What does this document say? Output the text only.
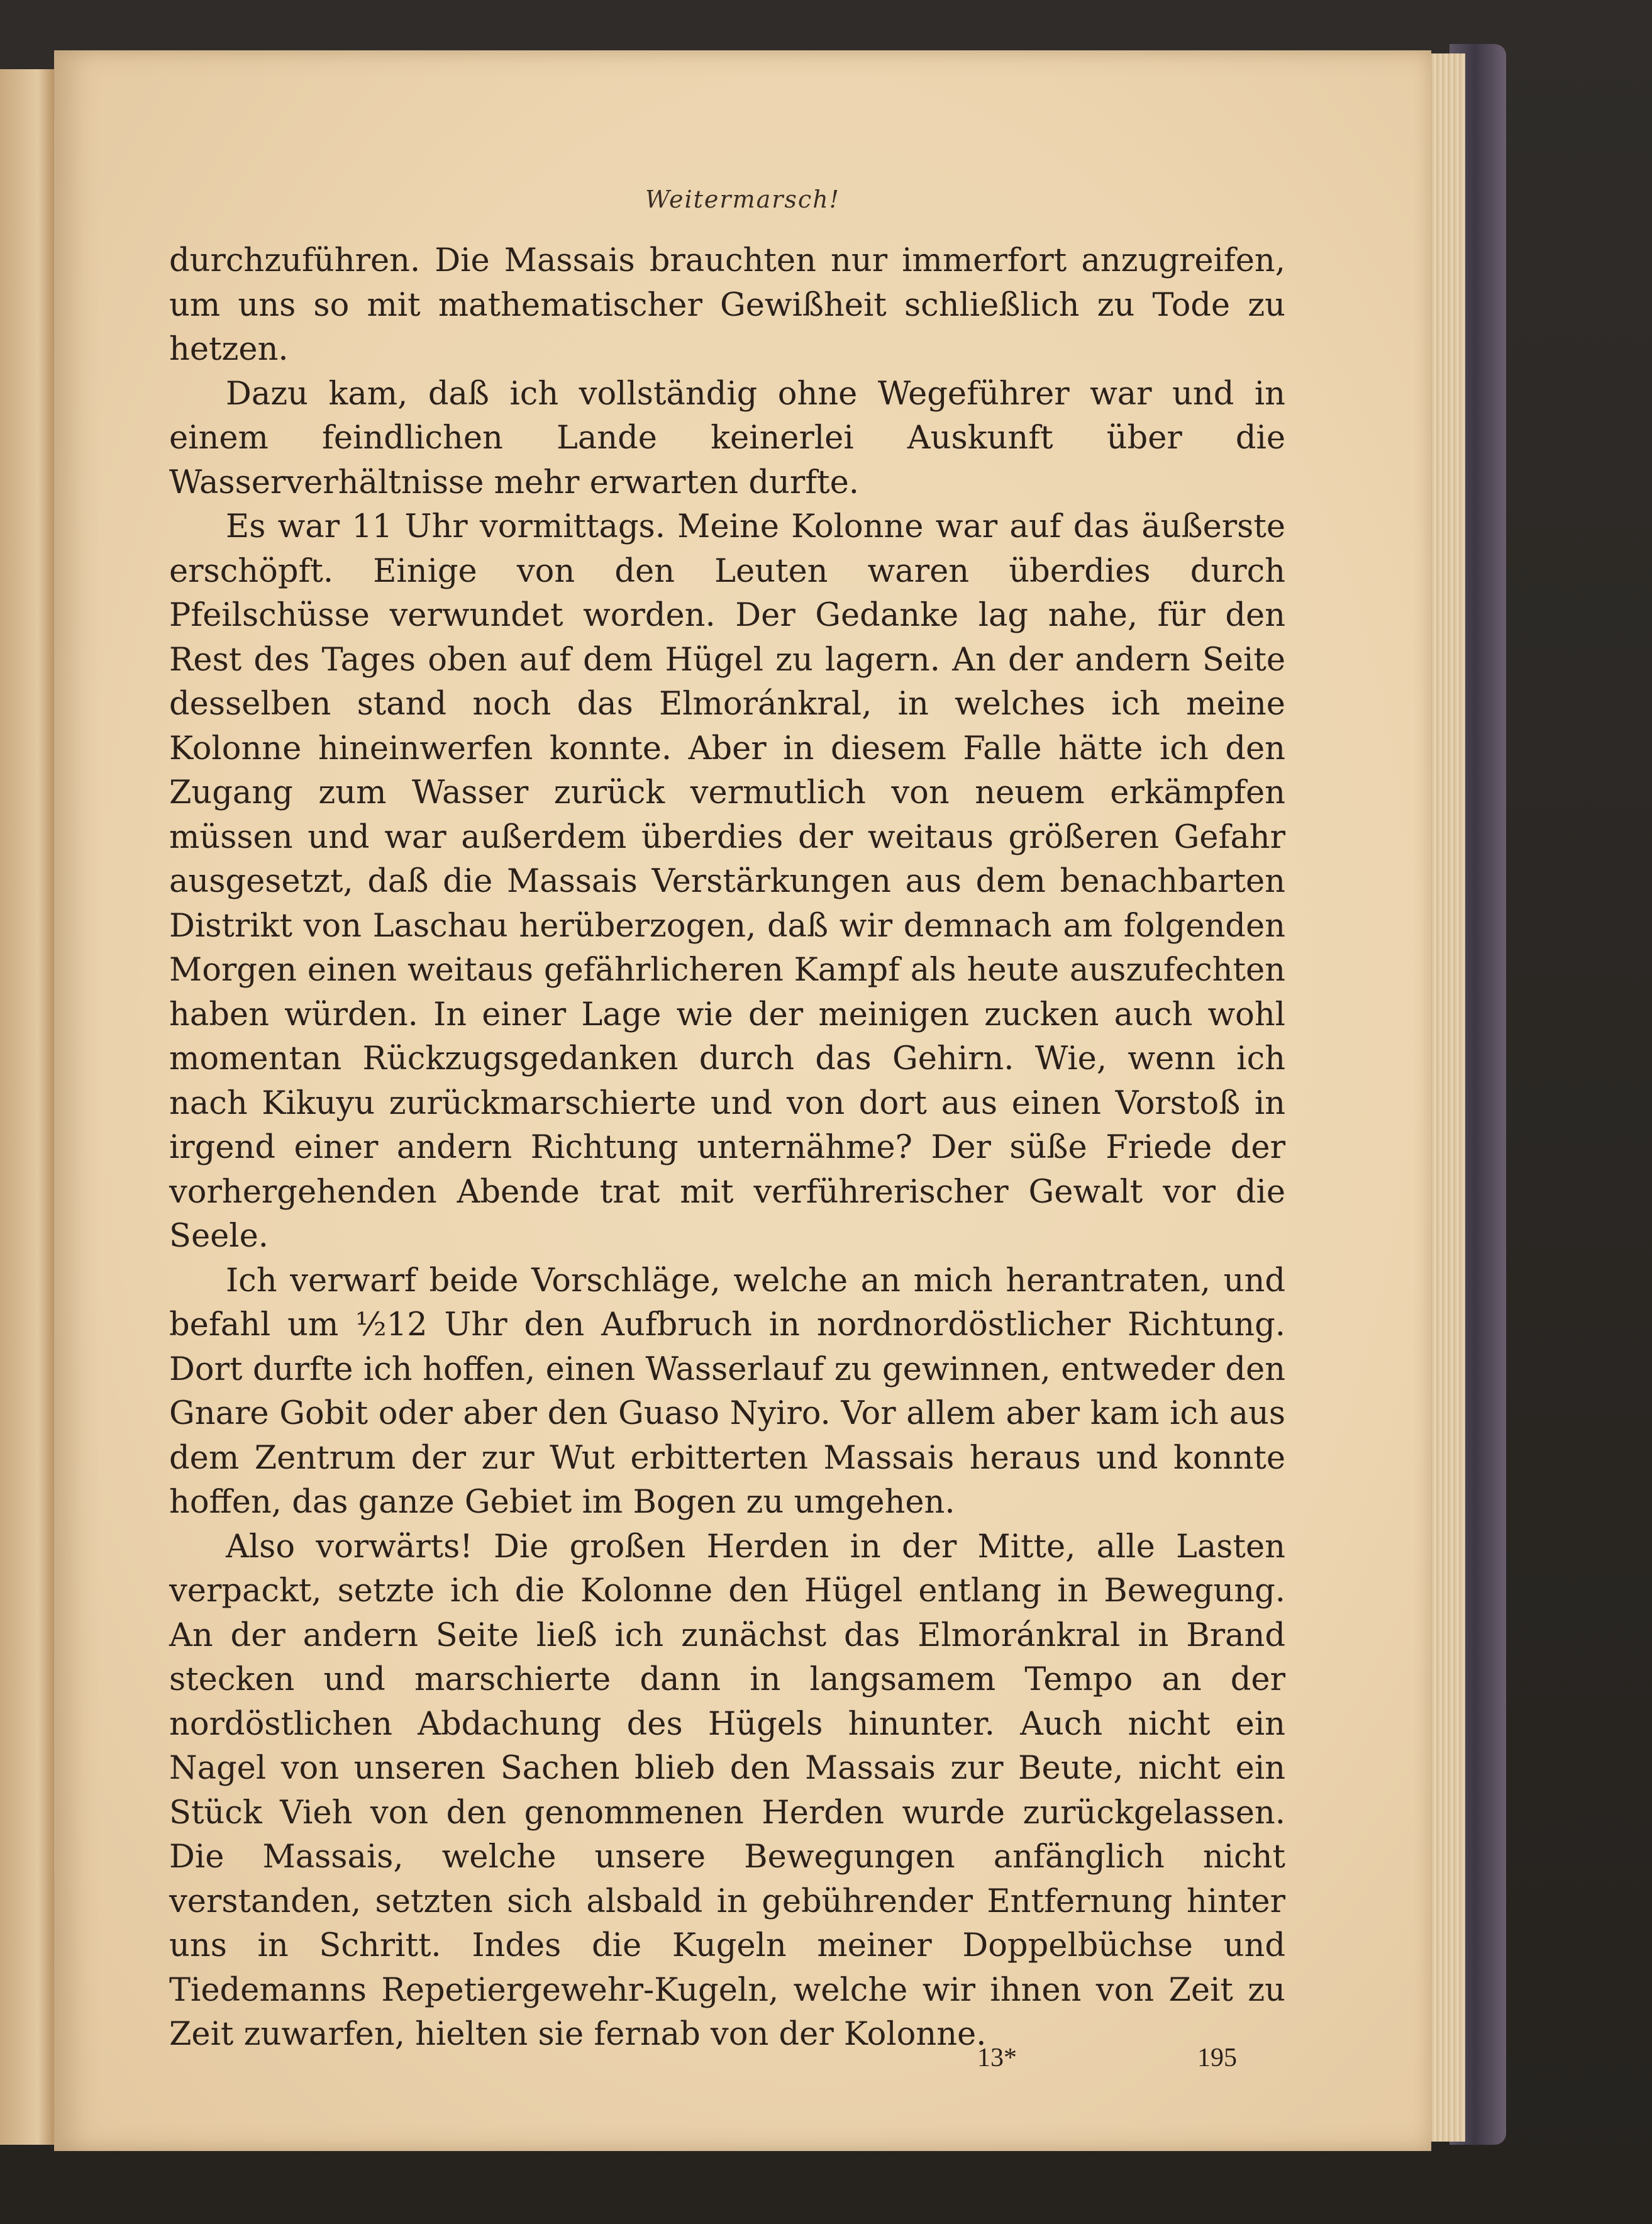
Weitermarsch!

durchzuführen. Die Massais brauchten nur immerfort anzugreifen, um uns so mit mathematischer Gewißheit schließlich zu Tode zu hetzen.

Dazu kam, daß ich vollständig ohne Wegeführer war und in einem feindlichen Lande keinerlei Auskunft über die Wasserverhältnisse mehr erwarten durfte.

Es war 11 Uhr vormittags. Meine Kolonne war auf das äußerste erschöpft. Einige von den Leuten waren überdies durch Pfeilschüsse verwundet worden. Der Gedanke lag nahe, für den Rest des Tages oben auf dem Hügel zu lagern. An der andern Seite desselben stand noch das Elmoránkral, in welches ich meine Kolonne hineinwerfen konnte. Aber in diesem Falle hätte ich den Zugang zum Wasser zurück vermutlich von neuem erkämpfen müssen und war außerdem überdies der weitaus größeren Gefahr ausgesetzt, daß die Massais Verstärkungen aus dem benachbarten Distrikt von Laschau herüberzogen, daß wir demnach am folgenden Morgen einen weitaus gefährlicheren Kampf als heute auszufechten haben würden. In einer Lage wie der meinigen zucken auch wohl momentan Rückzugsgedanken durch das Gehirn. Wie, wenn ich nach Kikuyu zurückmarschierte und von dort aus einen Vorstoß in irgend einer andern Richtung unternähme? Der süße Friede der vorhergehenden Abende trat mit verführerischer Gewalt vor die Seele.

Ich verwarf beide Vorschläge, welche an mich herantraten, und befahl um ½12 Uhr den Aufbruch in nordnordöstlicher Richtung. Dort durfte ich hoffen, einen Wasserlauf zu gewinnen, entweder den Gnare Gobit oder aber den Guaso Nyiro. Vor allem aber kam ich aus dem Zentrum der zur Wut erbitterten Massais heraus und konnte hoffen, das ganze Gebiet im Bogen zu umgehen.

Also vorwärts! Die großen Herden in der Mitte, alle Lasten verpackt, setzte ich die Kolonne den Hügel entlang in Bewegung. An der andern Seite ließ ich zunächst das Elmoránkral in Brand stecken und marschierte dann in langsamem Tempo an der nordöstlichen Abdachung des Hügels hinunter. Auch nicht ein Nagel von unseren Sachen blieb den Massais zur Beute, nicht ein Stück Vieh von den genommenen Herden wurde zurückgelassen. Die Massais, welche unsere Bewegungen anfänglich nicht verstanden, setzten sich alsbald in gebührender Entfernung hinter uns in Schritt. Indes die Kugeln meiner Doppelbüchse und Tiedemanns Repetiergewehr-Kugeln, welche wir ihnen von Zeit zu Zeit zuwarfen, hielten sie fernab von der Kolonne.

13*	195
